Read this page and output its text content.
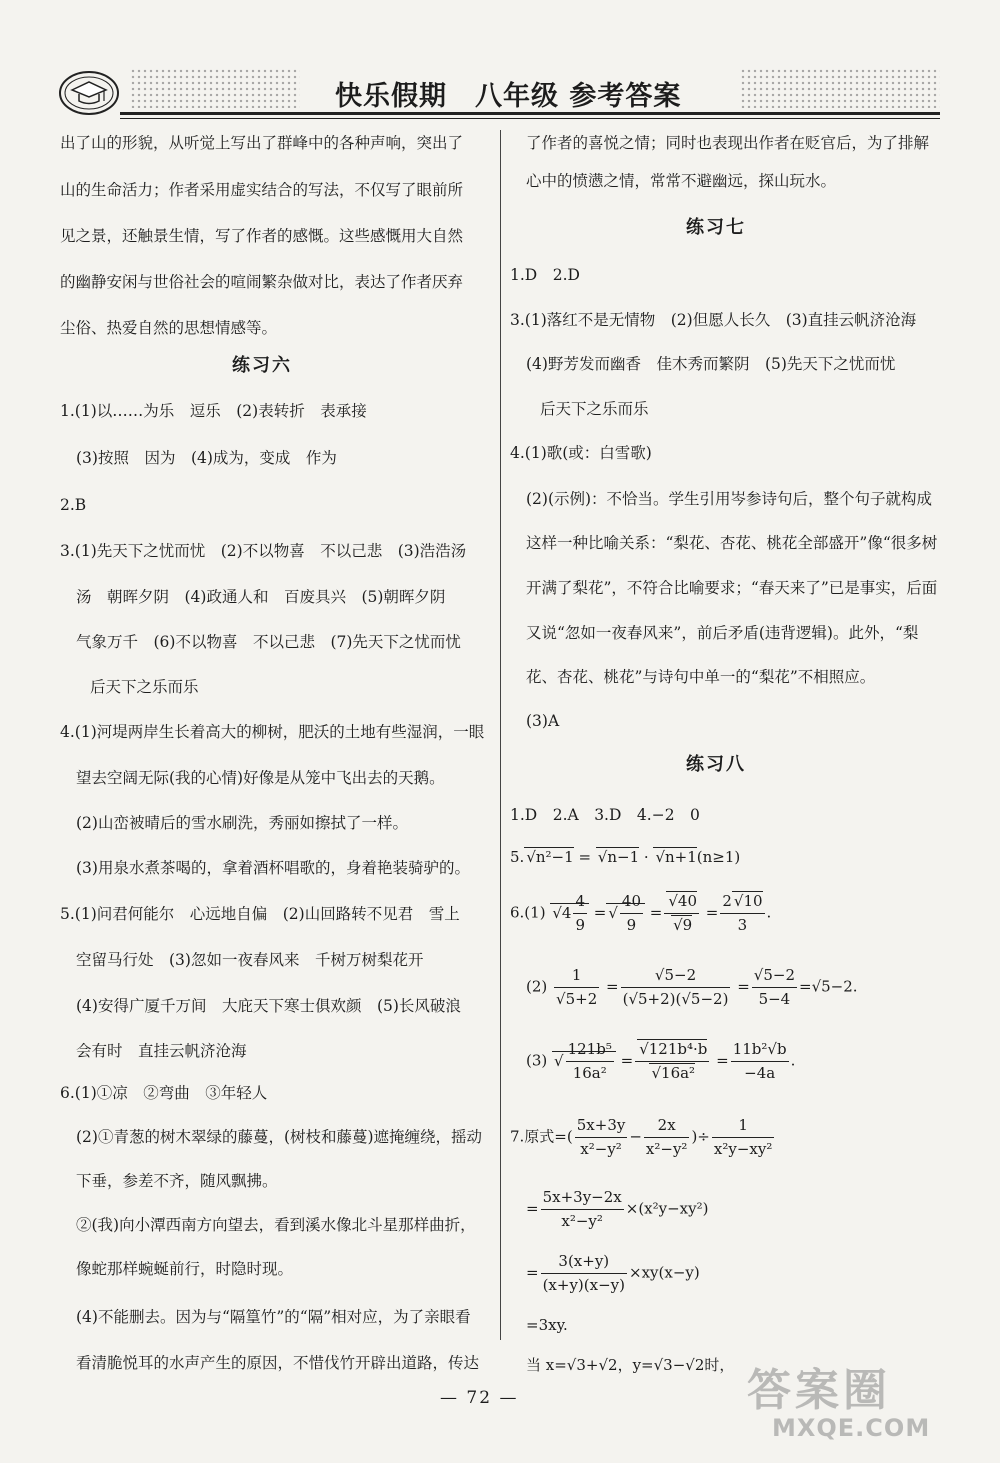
快乐假期　八年级 参考答案
出了山的形貌，从听觉上写出了群峰中的各种声响，突出了
山的生命活力；作者采用虚实结合的写法，不仅写了眼前所
见之景，还触景生情，写了作者的感慨。这些感慨用大自然
的幽静安闲与世俗社会的喧闹繁杂做对比，表达了作者厌弃
尘俗、热爱自然的思想情感等。
练习六
1.(1)以……为乐　逗乐　(2)表转折　表承接
(3)按照　因为　(4)成为，变成　作为
2.B
3.(1)先天下之忧而忧　(2)不以物喜　不以己悲　(3)浩浩汤
汤　朝晖夕阴　(4)政通人和　百废具兴　(5)朝晖夕阴
气象万千　(6)不以物喜　不以己悲　(7)先天下之忧而忧
后天下之乐而乐
4.(1)河堤两岸生长着高大的柳树，肥沃的土地有些湿润，一眼
望去空阔无际(我的心情)好像是从笼中飞出去的天鹅。
(2)山峦被晴后的雪水刷洗，秀丽如擦拭了一样。
(3)用泉水煮茶喝的，拿着酒杯唱歌的，身着艳装骑驴的。
5.(1)问君何能尔　心远地自偏　(2)山回路转不见君　雪上
空留马行处　(3)忽如一夜春风来　千树万树梨花开
(4)安得广厦千万间　大庇天下寒士俱欢颜　(5)长风破浪
会有时　直挂云帆济沧海
6.(1)①凉　②弯曲　③年轻人
(2)①青葱的树木翠绿的藤蔓，(树枝和藤蔓)遮掩缠绕，摇动
下垂，参差不齐，随风飘拂。
②(我)向小潭西南方向望去，看到溪水像北斗星那样曲折，
像蛇那样蜿蜒前行，时隐时现。
(4)不能删去。因为与“隔篁竹”的“隔”相对应，为了亲眼看
看清脆悦耳的水声产生的原因，不惜伐竹开辟出道路，传达
了作者的喜悦之情；同时也表现出作者在贬官后，为了排解
心中的愤懑之情，常常不避幽远，探山玩水。
练习七
1.D　2.D
3.(1)落红不是无情物　(2)但愿人长久　(3)直挂云帆济沧海
(4)野芳发而幽香　佳木秀而繁阴　(5)先天下之忧而忧
后天下之乐而乐
4.(1)歌(或：白雪歌)
(2)(示例)：不恰当。学生引用岑参诗句后，整个句子就构成
这样一种比喻关系：“梨花、杏花、桃花全部盛开”像“很多树
开满了梨花”，不符合比喻要求；“春天来了”已是事实，后面
又说“忽如一夜春风来”，前后矛盾(违背逻辑)。此外，“梨
花、杏花、桃花”与诗句中单一的“梨花”不相照应。
(3)A
练习八
1.D　2.A　3.D　4.−2　0
5. √ n²−1 = √ n−1 · √ n+1(n≥1)
6.(1) √ $4 \frac{4}{9}$ = √ $\frac{40}{9}$ = √ 40
√ $9 = \frac{2 √ 10}{3}$ .
$(2) \frac{1}{√5+2} = \frac{√5-2}{(√5+2)(√5-2)} = \frac{√5-2}{5-4} =√5-2$.
(3) √ $\frac{\text{121b⁵}}{\text{16a²}}$ = √ 121b⁴·b
√ $16a^2 = \frac{\text{11b²√b}}{-4a}$ .
7.原式=( $\frac{5x+3y}{\text{x²−y²}} - \frac{2x}{\text{x²−y²}}$ )÷ $\frac{1}{\text{x²y−xy²}}$
= $\frac{5x+3y-2x}{\text{x²−y²}} \times(x^2y-xy^2)$
= $\frac{3(x+y)}{(x+y)(x-y)} \times xy(x-y)$
=3xy.
当 x=√3+√2，y=√3−√2时，
— 72 —	答案圈
MXQE.COM
